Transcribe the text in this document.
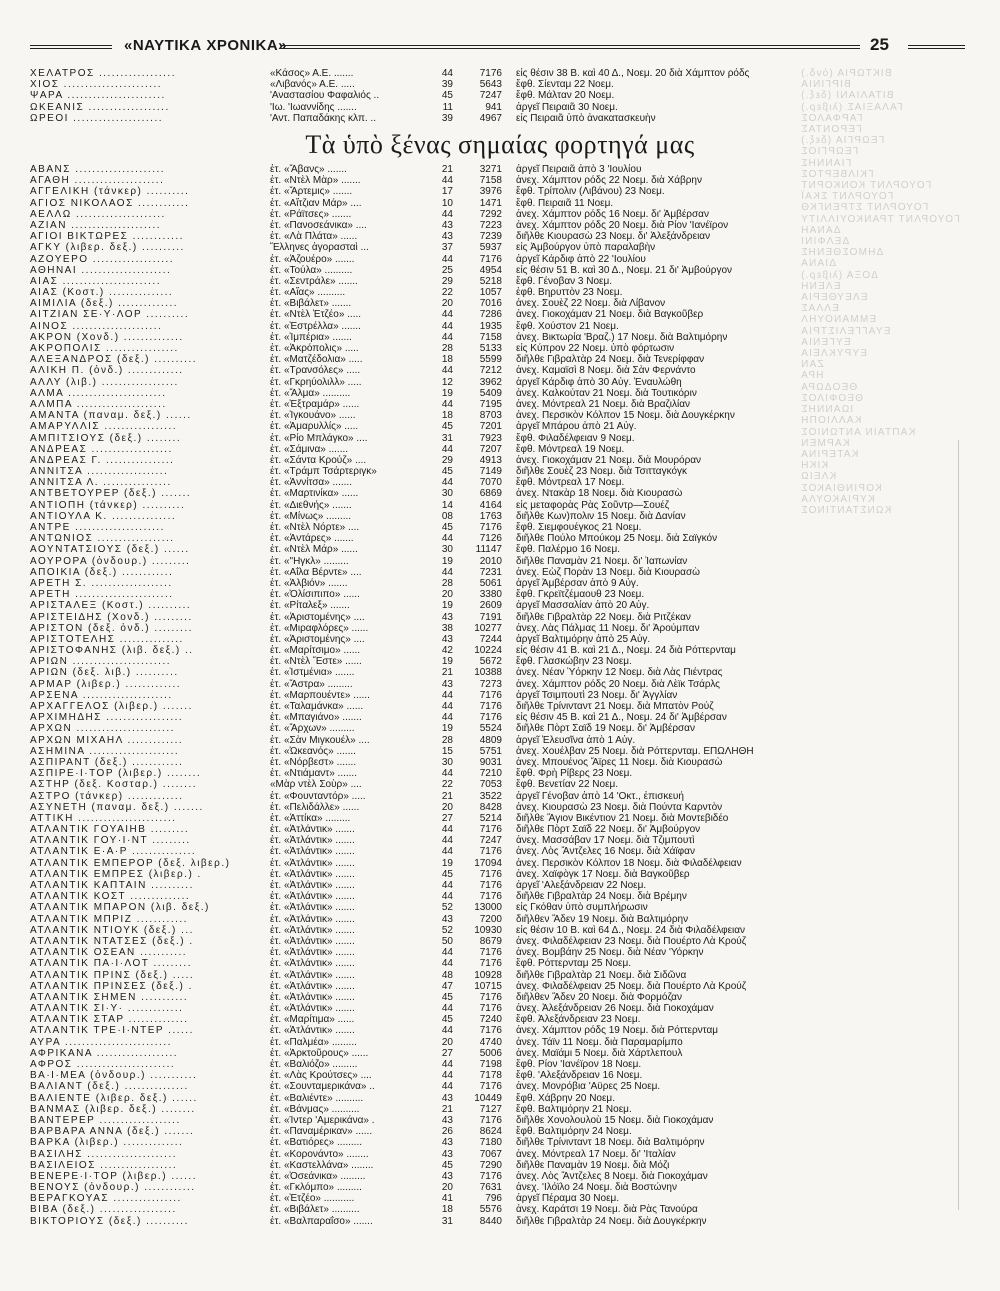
«ΝΑΥΤΙΚΑ ΧΡΟΝΙΚΑ»	25
ΒΙΚΤΩΡΙΑ (ὀνδ.)
ΒΙΡΓΙΝΙΑ
ΒΙΤΑΛΙΑΝΙ (δεξ.)
ΓΑΛΑΞΙΑΣ (λιβερ.)
ΓΑΡΦΑΛΟΣ
ΓΕΡΟΝΤΑΣ
ΓΕΩΡΓΙΑ (δεξ.)
ΓΕΩΡΓΙΟΣ
ΓΙΑΝΝΗΣ
ΓΚΙΛΒΕΡΤΟΣ
ΓΟΥΟΡΛΝΤ ΚΟΝΚΟΡΝΤ
ΓΟΥΟΡΛΝΤ ΣΚΑΪ
ΓΟΥΟΡΛΝΤ ΣΤΡΕΝΓΚΘ
ΓΟΥΟΡΛΝΤ ΤΡΑΝΚΟΥΙΛΛΙΤΥ
ΔΑΝΑΗ
ΔΕΛΦΙΝΙ
ΔΗΜΟΣΘΕΝΗΣ
ΔΙΑΝΑ
ΔΟΞΑ (λιβερ.)
ΕΛΕΝΗ
ΕΛΕΥΘΕΡΙΑ
ΕΛΛΑΣ
ΕΜΜΑΝΟΥΗΛ
ΕΥΑΓΓΕΛΙΣΤΡΙΑ
ΕΥΓΕΝΙΑ
ΕΥΡΥΚΛΕΙΑ
ΖΑΝ
ΗΡΑ
ΘΕΟΔΩΡΑ
ΘΕΟΦΙΛΟΣ
ΙΩΑΝΝΗΣ
ΚΑΛΛΙΟΠΗ
ΚΑΠΤΑΙΝ ΑΝΤΩΝΙΟΣ
ΚΑΡΜΕΝ
ΚΑΤΕΡΙΝΑ
ΚΙΚΗ
ΚΛΕΙΩ
ΚΟΡΙΝΘΙΑΚΟΣ
ΚΥΡΙΑΚΟΥΛΑ
ΚΩΝΣΤΑΝΤΙΝΟΣ
ΧΕΛΑΤΡΟΣ ..................	«Κάσος» Α.Ε. .......	44	7176 εἰς θέσιν 38 Β. καὶ 40 Δ., Νοεμ. 20 διὰ Χάμπτον ρόδς
ΧΙΟΣ .......................	«Λιβανός» Α.Ε. .....	39	5643 ἔφθ. Σίενταμ 22 Νοεμ.
ΨΑΡΑ .......................	'Αναστασίου Φαφαλιός ..	45	7247 ἔφθ. Μάλταν 20 Νοεμ.
ΩΚΕΑΝΙΣ ...................	'Ιω. 'Ιωαννίδης .......	11	941 ἀργεῖ Πειραιᾶ 30 Νοεμ.
ΩΡΕΟΙ .....................	'Αντ. Παπαδάκης κλπ. ..	39	4967 εἰς Πειραιᾶ ὑπὸ ἀνακατασκευὴν
Τὰ ὑπὸ ξένας σημαίας φορτηγά μας
ΑΒΑΝΣ .....................	ἑτ. «Ἄβανς» .......	21	3271 ἀργεῖ Πειραιᾶ ἀπὸ 3 'Ιουλίου
ΑΓΑΘΗ .....................	ἑτ. «Ντὲλ Μὰρ» .......	44	7158 ἀνεχ. Χάμπτον ρόδς 22 Νοεμ. διὰ Χάβρην
ΑΓΓΕΛΙΚΗ (τάνκερ) ..........	ἑτ. «Ἄρτεμις» .......	17	3976 ἔφθ. Τρίπολιν (Λιβάνου) 23 Νοεμ.
ΑΓΙΟΣ ΝΙΚΟΛΑΟΣ ............	ἑτ. «Αἴτζιαν Μάρ» ....	10	1471 ἔφθ. Πειραιᾶ 11 Νοεμ.
ΑΕΛΛΩ .....................	ἑτ. «Ράϊτσες» .......	44	7292 ἀνεχ. Χάμπτον ρόδς 16 Νοεμ. δι' Ἀμβέρσαν
ΑΖΙΑΝ .....................	ἑτ. «Πανοσεάνικα» ....	43	7223 ἀνεχ. Χάμπτον ρόδς 20 Νοεμ. διὰ Ρίον 'Ιανέϊρον
ΑΓΙΟΙ ΒΙΚΤΩΡΕΣ ............	ἑτ. «Λὰ Πλάτα» ......	43	7239 διῆλθε Κιουρασὼ 23 Νοεμ. δι' Ἀλεξάνδρειαν
ΑΓΚΥ (λιβερ. δεξ.) ..........	Ἕλληνες ἀγορασταὶ ...	37	5937 εἰς Ἀμβούργον ὑπὸ παραλαβὴν
ΑΖΟΥΕΡΟ ...................	ἑτ. «Ἀζουέρο» .......	44	7176 ἀργεῖ Κάρδιφ ἀπὸ 22 'Ιουλίου
ΑΘΗΝΑΙ .....................	ἑτ. «Τούλα» ..........	25	4954 εἰς θέσιν 51 Β. καὶ 30 Δ., Νοεμ. 21 δι' Ἀμβούργον
ΑΙΑΣ .......................	ἑτ. «Σεντράλε» .......	29	5218 ἔφθ. Γένοβαν 3 Νοεμ.
ΑΙΑΣ (Κοστ.) ...............	ἑτ. «Αἴας» ..........	22	1057 ἐφθ. Βηρυττὸν 23 Νοεμ.
ΑΙΜΙΛΙΑ (δεξ.) ..............	ἑτ. «Βιβάλετ» .......	20	7016 ἀνεχ. Σουὲζ 22 Νοεμ. διὰ Λίβανον
ΑΙΤΖΙΑΝ ΣΕ·Υ·ΛΟΡ ..........	ἑτ. «Ντὲλ Ἐτζέο» .....	44	7286 ἀνεχ. Γιοκοχάμαν 21 Νοεμ. διὰ Βαγκοῦβερ
ΑΙΝΟΣ .....................	ἑτ. «Ἐστρέλλα» .......	44	1935 ἔφθ. Χούστον 21 Νοεμ.
ΑΚΡΟΝ (Χονδ.) ..............	ἑτ. «Ἰμπέρια» .......	44	7158 ἀνεχ. Βικτωρία 'Βραζ.) 17 Νοεμ. διὰ Βαλτιμόρην
ΑΚΡΟΠΟΛΙΣ .................	ἑτ. «Ἀκρόπολις» .....	28	5133 εἰς Κύπρον 22 Νοεμ. ὑπὸ φόρτωσιν
ΑΛΕΞΑΝΔΡΟΣ (δεξ.) ..........	ἑτ. «Ματζέδολια» .....	18	5599 διῆλθε Γιβραλτὰρ 24 Νοεμ. διὰ Τενερίφφαν
ΑΛΙΚΗ Π. (ὀνδ.) .............	ἑτ. «Τρανσόλες» .....	44	7212 ἀνεχ. Καμαϊσὶ 8 Νοεμ. διὰ Σὰν Φερνάντο
ΑΛΛΥ (λιβ.) ..................	ἑτ. «Γκρηύολιλλ» .....	12	3962 ἀργεῖ Κάρδιφ ἀπὸ 30 Αὐγ. Ἐναυλώθη
ΑΛΜΑ .......................	ἑτ. «Ἄλμα» ..........	19	5409 ἀνεχ. Καλκούταν 21 Νοεμ. διὰ Τουτικόριν
ΑΛΜΠΑ .....................	ἑτ. «Ἐξτραμάρ» ......	44	7195 ἀνεχ. Μόντρεαλ 21 Νοεμ. διὰ Βραζιλίαν
ΑΜΑΝΤΑ (παναμ. δεξ.) ......	ἑτ. «Ἰγκουάνο» ......	18	8703 ἀνεχ. Περσικὸν Κόλπον 15 Νοεμ. διὰ Δουγκέρκην
ΑΜΑΡΥΛΛΙΣ .................	ἑτ. «Ἀμαρυλλίς» .....	45	7201 ἀργεῖ Μπάρου ἀπὸ 21 Αὐγ.
ΑΜΠΙΤΣΙΟΥΣ (δεξ.) ........	ἑτ. «Ρίο Μπλάγκο» ....	31	7923 ἔφθ. Φιλαδέλφειαν 9 Νοεμ.
ΑΝΔΡΕΑΣ ...................	ἑτ. «Σάμινα» .......	44	7207 ἔφθ. Μόντρεαλ 19 Νοεμ.
ΑΝΔΡΕΑΣ Γ. ................	ἑτ. «Σάντα Κρούζ» ....	29	4913 ἀνεχ. Γιοκοχάμαν 21 Νοεμ. διὰ Μουρόραν
ΑΝΝΙΤΣΑ ...................	ἑτ. «Τράμπ Τσάρτεριγκ»	45	7149 διῆλθε Σουὲζ 23 Νοεμ. διὰ Τσιτταγκόγκ
ΑΝΝΙΤΣΑ Λ. ................	ἑτ. «Ἀννίτσα» .......	44	7070 ἔφθ. Μόντρεαλ 17 Νοεμ.
ΑΝΤΒΕΤΟΥΡΕΡ (δεξ.) .......	ἑτ. «Μαρτινίκα» ......	30	6869 ἀνεχ. Ντακὰρ 18 Νοεμ. διὰ Κιουρασὼ
ΑΝΤΙΟΠΗ (τάνκερ) ..........	ἑτ. «Διεθνής» .......	14	4164 εἰς μεταφορὰς Ρὰς Σοῦντρ—Σουέζ
ΑΝΤΙΟΥΛΑ Κ. ...............	ἑτ. «Μίνως» .........	08	1763 διῆλθε Κων)πολιν 15 Νοεμ. διὰ Δανίαν
ΑΝΤΡΕ .....................	ἑτ. «Ντὲλ Νόρτε» ....	45	7176 ἔφθ. Σιεμφουέγκος 21 Νοεμ.
ΑΝΤΩΝΙΟΣ ..................	ἑτ. «Ἀντάρες» .......	44	7126 διῆλθε Πούλο Μπούκομ 25 Νοεμ. διὰ Σαϊγκόν
ΑΟΥΝΤΑΤΣΙΟΥΣ (δεξ.) ......	ἑτ. «Ντὲλ Μάρ» ......	30	11147 ἔφθ. Παλέρμο 16 Νοεμ.
ΑΟΥΡΟΡΑ (ὀνδουρ.) .........	ἑτ. «"Ηγκλ» .........	19	2010 διῆλθε Παναμὰν 21 Νοεμ. δι' Ἰαπωνίαν
ΑΠΟΙΚΙΑ (δεξ.) ............	ἑτ. «Αΐλα Βέρντε» ....	44	7231 ἀνεχ. Εὼζ Πορὰν 13 Νοεμ. διὰ Κιουρασὼ
ΑΡΕΤΗ Σ. ...................	ἑτ. «Ἀλβιόν» .......	28	5061 ἀργεῖ Ἀμβέρσαν ἀπὸ 9 Αὐγ.
ΑΡΕΤΗ .......................	ἑτ. «Ὀλίσιπιπο» ......	20	3380 ἔφθ. Γκρεϊτζέμαουθ 23 Νοεμ.
ΑΡΙΣΤΑΛΕΞ (Κοστ.) ..........	ἑτ. «Ρίταλεξ» .......	19	2609 ἀργεῖ Μασσαλίαν ἀπὸ 20 Αὐγ.
ΑΡΙΣΤΕΙΔΗΣ (Χονδ.) .........	ἑτ. «Ἀριστομένης» ....	43	7191 διῆλθε Γιβραλτὰρ 22 Νοεμ. διὰ Ριτζέκαν
ΑΡΙΣΤΟΝ (δεξ. ὀνδ.) .........	ἑτ. «Μιραφλόρες» ......	38	10277 ἀνεχ. Λὰς Πάλμας 11 Νοεμ. δι' Ἀρούμπαν
ΑΡΙΣΤΟΤΕΛΗΣ ...............	ἑτ. «Ἀριστομένης» ....	43	7244 ἀργεῖ Βαλτιμόρην ἀπὸ 25 Αὐγ.
ΑΡΙΣΤΟΦΑΝΗΣ (λιβ. δεξ.) ..	ἑτ. «Μαρίτσιμο» ......	42	10224 εἰς θέσιν 41 Β. καὶ 21 Δ., Νοεμ. 24 διὰ Ρόττερνταμ
ΑΡΙΩΝ .......................	ἑτ. «Ντὲλ Ἔστε» ......	19	5672 ἔφθ. Γλασκώβην 23 Νοεμ.
ΑΡΙΩΝ (δεξ. λιβ.) ..........	ἑτ. «Ἰστμένια» .......	21	10388 ἀνεχ. Νέαν Ὑόρκην 12 Νοεμ. διὰ Λὰς Πιέντρας
ΑΡΜΑΡ (λιβερ.) .............	ἑτ. «Ἄστρα» .........	43	7273 ἀνεχ. Χάμπτον ρόδς 20 Νοεμ. διὰ Λὲϊκ Τσάρλς
ΑΡΣΕΝΑ .....................	ἑτ. «Μαρπουέντε» ......	44	7176 ἀργεῖ Τσιμπουτὶ 23 Νοεμ. δι' Ἀγγλίαν
ΑΡΧΑΓΓΕΛΟΣ (λιβερ.) .......	ἑτ. «Ταλαμάνκα» ......	44	7176 διῆλθε Τρίνινταντ 21 Νοεμ. διὰ Μπατὸν Ρούζ
ΑΡΧΙΜΗΔΗΣ ..................	ἑτ. «Μπαγιάνο» .......	44	7176 εἰς θέσιν 45 Β. καὶ 21 Δ., Νοεμ. 24 δι' Ἀμβέρσαν
ΑΡΧΩΝ .......................	ἑτ. «Ἄρχων» .........	19	5524 διῆλθε Πὸρτ Σαϊδ 19 Νοεμ. δι' Ἀμβέρσαν
ΑΡΧΩΝ ΜΙΧΑΗΛ .............	ἑτ. «Σὰν Μιγκουέλ» ....	28	4809 ἀργεῖ Ἐλευσῖνα ἀπὸ 1 Αὐγ.
ΑΣΗΜΙΝΑ .....................	ἑτ. «Ὠκεανός» .......	15	5751 ἀνεχ. Χουέλβαν 25 Νοεμ. διὰ Ρόττερνταμ. ΕΠΩΛΗΘΗ
ΑΣΠΙΡΑΝΤ (δεξ.) ............	ἑτ. «Νόρβεστ» .......	30	9031 ἀνεχ. Μπουένος Ἄϊρες 11 Νοεμ. διὰ Κιουρασὼ
ΑΣΠΙΡΕ·Ι·ΤΟΡ (λιβερ.) ........	ἑτ. «Ντιάμαντ» .......	44	7210 ἔφθ. Φρὴ Ρίβερς 23 Νοεμ.
ΑΣΤΗΡ (δεξ. Κοσταρ.) ........	«Μὰρ ντὲλ Σοὺρ» ....	22	7053 ἔφθ. Βενετίαν 22 Νοεμ.
ΑΣΤΡΟ (τάνκερ) .............	ἑτ. «Φουνταντόρ» .....	21	3522 ἀργεῖ Γένοβαν ἀπὸ 14 'Οκτ., ἐπισκευή
ΑΣΥΝΕΤΗ (παναμ. δεξ.) .......	ἑτ. «Πελιδάλλε» ......	20	8428 ἀνεχ. Κιουρασὼ 23 Νοεμ. διὰ Πούντα Καρντὸν
ΑΤΤΙΚΗ .......................	ἑτ. «Ἀττίκα» .........	27	5214 διῆλθε Ἅγιον Βικέντιον 21 Νοεμ. διὰ Μοντεβιδέο
ΑΤΛΑΝΤΙΚ ΓΟΥΑΙΗΒ .........	ἑτ. «Ἀτλάντικ» .......	44	7176 διῆλθε Πὸρτ Σαϊδ 22 Νοεμ. δι' Ἀμβούργον
ΑΤΛΑΝΤΙΚ ΓΟΥ·Ι·ΝΤ .........	ἑτ. «Ἀτλάντικ» .......	44	7247 ἀνεχ. Μασσάβαν 17 Νοεμ. διὰ Τζιμπουτὶ
ΑΤΛΑΝΤΙΚ Ε·Α·Ρ ...............	ἑτ. «Ἀτλάντικ» .......	44	7176 ἀνεχ. Λὸς Ἄντζελες 16 Νοεμ. διὰ Χάϊφαν
ΑΤΛΑΝΤΙΚ ΕΜΠΕΡΟΡ (δεξ. λιβερ.)	ἑτ. «Ἀτλάντικ» .......	19	17094 ἀνεχ. Περσικὸν Κόλπον 18 Νοεμ. διὰ Φιλαδέλφειαν
ΑΤΛΑΝΤΙΚ ΕΜΠΡΕΣ (λιβερ.) .	ἑτ. «Ἀτλάντικ» .......	45	7176 ἀνεχ. Χαϊφὸγκ 17 Νοεμ. διὰ Βαγκοῦβερ
ΑΤΛΑΝΤΙΚ ΚΑΠΤΑΙΝ ..........	ἑτ. «Ἀτλάντικ» .......	44	7176 ἀργεῖ 'Αλεξάνδρειαν 22 Νοεμ.
ΑΤΛΑΝΤΙΚ ΚΟΣΤ ..............	ἑτ. «Ἀτλάντικ» .......	44	7176 διῆλθε Γιβραλτὰρ 24 Νοεμ. διὰ Βρέμην
ΑΤΛΑΝΤΙΚ ΜΠΑΡΟΝ (λιβ. δεξ.)	ἑτ. «Ἀτλάντικ» .......	52	13000 εἰς Γκόθαν ὑπὸ συμπλήρωσιν
ΑΤΛΑΝΤΙΚ ΜΠΡΙΖ ............	ἑτ. «Ἀτλάντικ» .......	43	7200 διῆλθεν Ἄδεν 19 Νοεμ. διὰ Βαλτιμόρην
ΑΤΛΑΝΤΙΚ ΝΤΙΟΥΚ (δεξ.) ...	ἑτ. «Ἀτλάντικ» .......	52	10930 εἰς θέσιν 10 Β. καὶ 64 Δ., Νοεμ. 24 διὰ Φιλαδέλφειαν
ΑΤΛΑΝΤΙΚ ΝΤΑΤΣΕΣ (δεξ.) .	ἑτ. «Ἀτλάντικ» .......	50	8679 ἀνεχ. Φιλαδέλφειαν 23 Νοεμ. διὰ Πουέρτο Λὰ Κρούζ
ΑΤΛΑΝΤΙΚ ΟΣΕΑΝ ...........	ἑτ. «Ἀτλάντικ» .......	44	7176 ἀνεχ. Βομβάην 25 Νοεμ. διὰ Νέαν 'Υόρκην
ΑΤΛΑΝΤΙΚ ΠΑ·Ι·ΛΟΤ .........	ἑτ. «Ἀτλάντικ» .......	44	7176 ἔφθ. Ρόττερνταμ 25 Νοεμ.
ΑΤΛΑΝΤΙΚ ΠΡΙΝΣ (δεξ.) .....	ἑτ. «Ἀτλάντικ» .......	48	10928 διῆλθε Γιβραλτὰρ 21 Νοεμ. διὰ Σιδῶνα
ΑΤΛΑΝΤΙΚ ΠΡΙΝΣΕΣ (δεξ.) .	ἑτ. «Ἀτλάντικ» .......	47	10715 ἀνεχ. Φιλαδέλφειαν 25 Νοεμ. διὰ Πουέρτο Λὰ Κρούζ
ΑΤΛΑΝΤΙΚ ΣΗΜΕΝ ...........	ἑτ. «Ἀτλάντικ» .......	45	7176 διῆλθεν Ἄδεν 20 Νοεμ. διὰ Φορμόζαν
ΑΤΛΑΝΤΙΚ ΣΙ·Υ· .............	ἑτ. «Ἀτλάντικ» .......	44	7176 ἀνεχ. Ἀλεξάνδρειαν 26 Νοεμ. διὰ Γιοκοχάμαν
ΑΤΛΑΝΤΙΚ ΣΤΑΡ ..............	ἑτ. «Μαρίτιμα» ......	45	7240 ἔφθ. Ἀλεξάνδρειαν 23 Νοεμ.
ΑΤΛΑΝΤΙΚ ΤΡΕ·Ι·ΝΤΕΡ ......	ἑτ. «Ἀτλάντικ» .......	44	7176 ἀνεχ. Χάμπτον ρόδς 19 Νοεμ. διὰ Ρόττερνταμ
ΑΥΡΑ .........................	ἑτ. «Παλμέα» .........	20	4740 ἀνεχ. Τάϊν 11 Νοεμ. διὰ Παραμαρίμπο
ΑΦΡΙΚΑΝΑ ...................	ἑτ. «Ἀρκτοῦρους» ......	27	5006 ἀνεχ. Μαϊάμι 5 Νοεμ. διὰ Χάρτλεπουλ
ΑΦΡΟΣ .......................	ἑτ. «Βαλιόζο» .........	44	7198 ἔφθ. Ρίον 'Ιανέϊρον 18 Νοεμ.
ΒΑ·Ι·ΜΕΑ (ὀνδουρ.) ...........	ἑτ. «Λὰς Κρούτσες» ....	44	7178 ἔφθ. 'Αλεξάνδρειαν 16 Νοεμ.
ΒΑΛΙΑΝΤ (δεξ.) ...............	ἑτ. «Σουνταμερικάνα» ..	44	7176 ἀνεχ. Μονρόβια 'Αϋρες 25 Νοεμ.
ΒΑΛΙΕΝΤΕ (λιβερ. δεξ.) ......	ἑτ. «Βαλιέντε» ..........	43	10449 ἔφθ. Χάβρην 20 Νοεμ.
ΒΑΝΜΑΣ (λιβερ. δεξ.) ........	ἑτ. «Βάνμας» ..........	21	7127 ἔφθ. Βαλτιμόρην 21 Νοεμ.
ΒΑΝΤΕΡΕΡ ...................	ἑτ. «Ίντερ 'Αμερικάνα» .	43	7176 διῆλθε Χονολουλοὺ 15 Νοεμ. διὰ Γιοκοχάμαν
ΒΑΡΒΑΡΑ ΑΝΝΑ (δεξ.) .......	ἑτ. «Παναμέρικαν» ......	26	8624 ἔφθ. Βαλτιμόρην 24 Νοεμ.
ΒΑΡΚΑ (λιβερ.) ..............	ἑτ. «Βατιόρες» .........	43	7180 διῆλθε Τρίνινταντ 18 Νοεμ. διὰ Βαλτιμόρην
ΒΑΣΙΛΗΣ .....................	ἑτ. «Κορονάντο» ........	43	7067 ἀνεχ. Μόντρεαλ 17 Νοεμ. δι' 'Ιταλίαν
ΒΑΣΙΛΕΙΟΣ ..................	ἑτ. «Καστελλάνα» ........	45	7290 διῆλθε Παναμὰν 19 Νοεμ. διὰ Μόζι
ΒΕΝΕΡΕ·Ι·ΤΟΡ (λιβερ.) ......	ἑτ. «Ὀσεάνικα» .........	43	7176 ἀνεχ. Λὸς Ἄντζελες 8 Νοεμ. διὰ Γιοκοχάμαν
ΒΕΝΟΥΣ (ὀνδουρ.) ............	ἑτ. «Γκλόμπο» .........	20	7631 ἀνεχ. 'Ιλόϊλο 24 Νοεμ. διὰ Βοστώνην
ΒΕΡΑΓΚΟΥΑΣ ................	ἑτ. «Ἐτζέο» ...........	41	796 ἀργεῖ Πέραμα 30 Νοεμ.
ΒΙΒΑ (δεξ.) ..................	ἑτ. «Βιβάλετ» ..........	18	5576 ἀνεχ. Καράτσι 19 Νοεμ. διὰ Ρὰς Τανούρα
ΒΙΚΤΟΡΙΟΥΣ (δεξ.) ..........	ἑτ. «Βαλπαραΐσο» .......	31	8440 διῆλθε Γιβραλτὰρ 24 Νοεμ. διὰ Δουγκέρκην
